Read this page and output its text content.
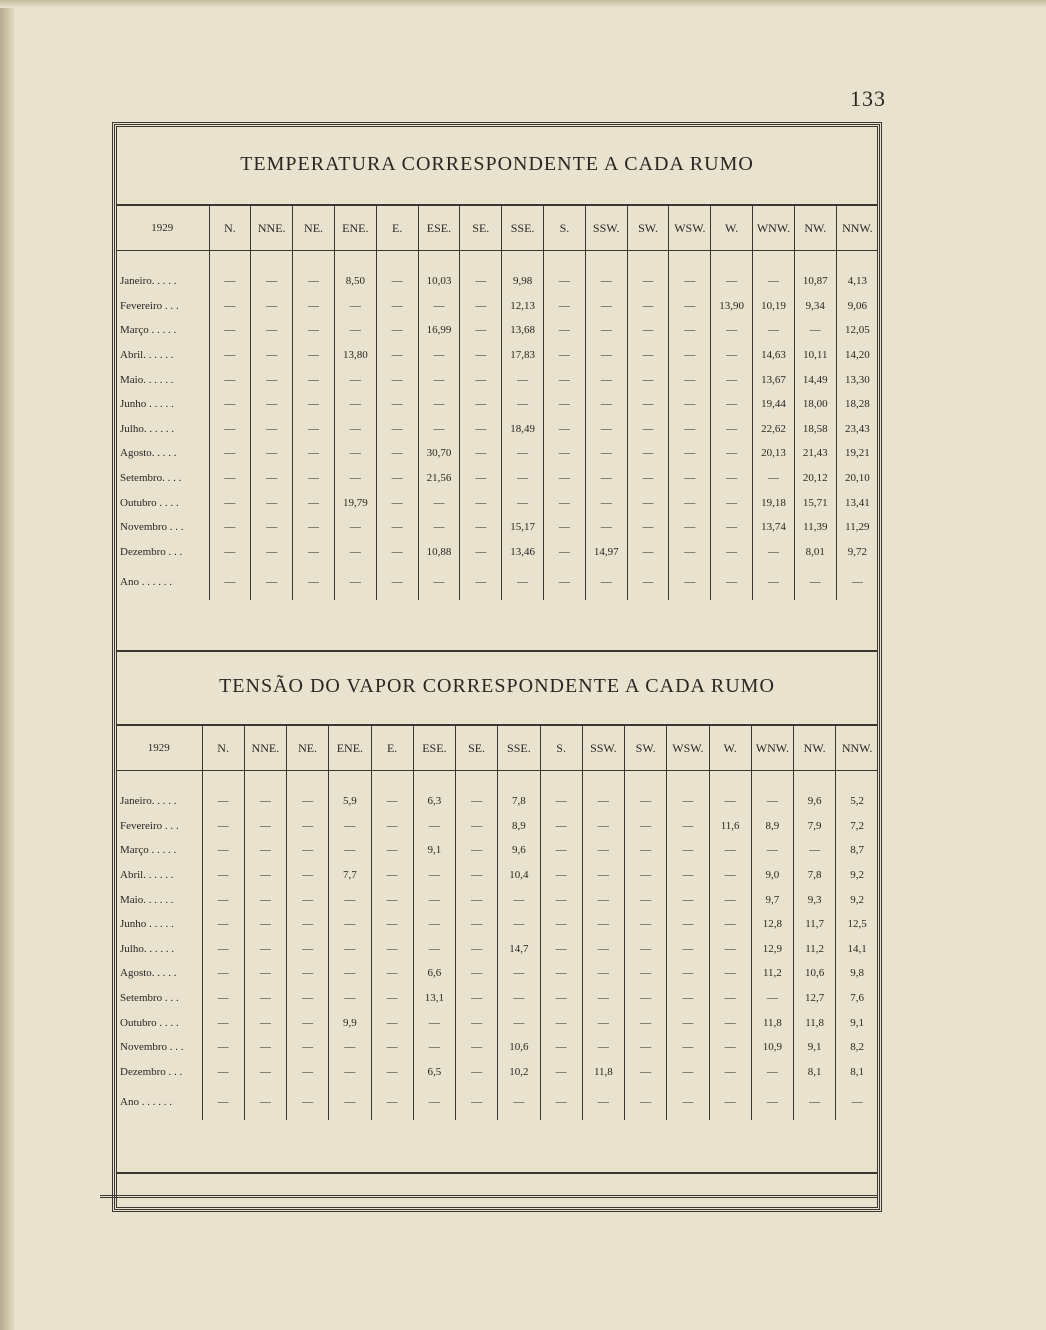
133
TEMPERATURA CORRESPONDENTE A CADA RUMO
1929	N.	NNE.	NE.	ENE.	E.	ESE.	SE.	SSE.	S.	SSW.	SW.	WSW.	W.	WNW.	NW.	NNW.

Janeiro. . . . .	—	—	—	8,50	—	10,03	—	9,98	—	—	—	—	—	—	10,87	4,13
Fevereiro . . .	—	—	—	—	—	—	—	12,13	—	—	—	—	13,90	10,19	9,34	9,06
Março . . . . .	—	—	—	—	—	16,99	—	13,68	—	—	—	—	—	—	—	12,05
Abril. . . . . .	—	—	—	13,80	—	—	—	17,83	—	—	—	—	—	14,63	10,11	14,20
Maio. . . . . .	—	—	—	—	—	—	—	—	—	—	—	—	—	13,67	14,49	13,30
Junho . . . . .	—	—	—	—	—	—	—	—	—	—	—	—	—	19,44	18,00	18,28
Julho. . . . . .	—	—	—	—	—	—	—	18,49	—	—	—	—	—	22,62	18,58	23,43
Agosto. . . . .	—	—	—	—	—	30,70	—	—	—	—	—	—	—	20,13	21,43	19,21
Setembro. . . .	—	—	—	—	—	21,56	—	—	—	—	—	—	—	—	20,12	20,10
Outubro . . . .	—	—	—	19,79	—	—	—	—	—	—	—	—	—	19,18	15,71	13,41
Novembro . . .	—	—	—	—	—	—	—	15,17	—	—	—	—	—	13,74	11,39	11,29
Dezembro . . .	—	—	—	—	—	10,88	—	13,46	—	14,97	—	—	—	—	8,01	9,72
Ano . . . . . .	—	—	—	—	—	—	—	—	—	—	—	—	—	—	—	—
TENSÃO DO VAPOR CORRESPONDENTE A CADA RUMO
1929	N.	NNE.	NE.	ENE.	E.	ESE.	SE.	SSE.	S.	SSW.	SW.	WSW.	W.	WNW.	NW.	NNW.

Janeiro. . . . .	—	—	—	5,9	—	6,3	—	7,8	—	—	—	—	—	—	9,6	5,2
Fevereiro . . .	—	—	—	—	—	—	—	8,9	—	—	—	—	11,6	8,9	7,9	7,2
Março . . . . .	—	—	—	—	—	9,1	—	9,6	—	—	—	—	—	—	—	8,7
Abril. . . . . .	—	—	—	7,7	—	—	—	10,4	—	—	—	—	—	9,0	7,8	9,2
Maio. . . . . .	—	—	—	—	—	—	—	—	—	—	—	—	—	9,7	9,3	9,2
Junho . . . . .	—	—	—	—	—	—	—	—	—	—	—	—	—	12,8	11,7	12,5
Julho. . . . . .	—	—	—	—	—	—	—	14,7	—	—	—	—	—	12,9	11,2	14,1
Agosto. . . . .	—	—	—	—	—	6,6	—	—	—	—	—	—	—	11,2	10,6	9,8
Setembro . . .	—	—	—	—	—	13,1	—	—	—	—	—	—	—	—	12,7	7,6
Outubro . . . .	—	—	—	9,9	—	—	—	—	—	—	—	—	—	11,8	11,8	9,1
Novembro . . .	—	—	—	—	—	—	—	10,6	—	—	—	—	—	10,9	9,1	8,2
Dezembro . . .	—	—	—	—	—	6,5	—	10,2	—	11,8	—	—	—	—	8,1	8,1
Ano . . . . . .	—	—	—	—	—	—	—	—	—	—	—	—	—	—	—	—
